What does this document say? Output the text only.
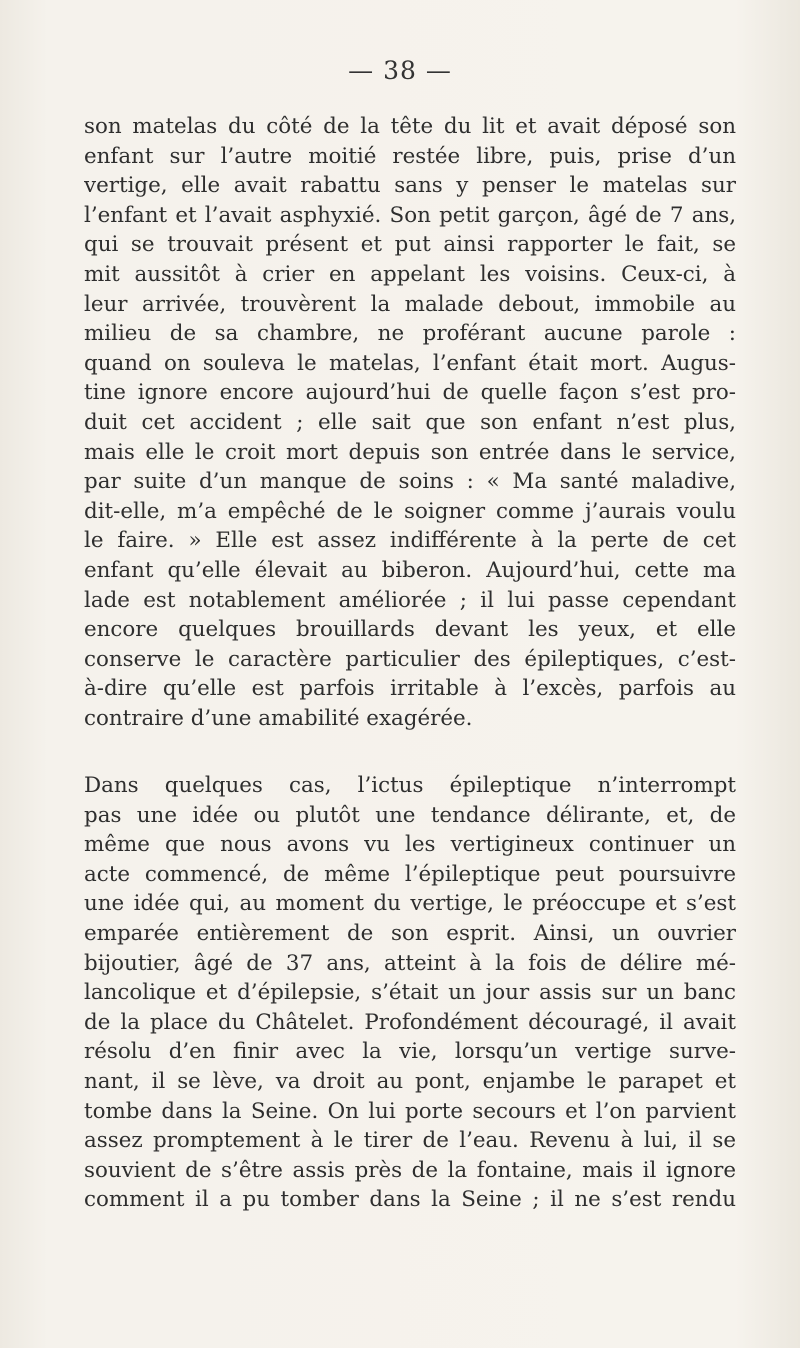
— 38 —
son matelas du côté de la tête du lit et avait déposé son
enfant sur l’autre moitié restée libre, puis, prise d’un
vertige, elle avait rabattu sans y penser le matelas sur
l’enfant et l’avait asphyxié. Son petit garçon, âgé de 7 ans,
qui se trouvait présent et put ainsi rapporter le fait, se
mit aussitôt à crier en appelant les voisins. Ceux-ci, à
leur arrivée, trouvèrent la malade debout, immobile au
milieu de sa chambre, ne proférant aucune parole :
quand on souleva le matelas, l’enfant était mort. Augus-
tine ignore encore aujourd’hui de quelle façon s’est pro-
duit cet accident ; elle sait que son enfant n’est plus,
mais elle le croit mort depuis son entrée dans le service,
par suite d’un manque de soins : « Ma santé maladive,
dit-elle, m’a empêché de le soigner comme j’aurais voulu
le faire. » Elle est assez indifférente à la perte de cet
enfant qu’elle élevait au biberon. Aujourd’hui, cette ma
lade est notablement améliorée ; il lui passe cependant
encore quelques brouillards devant les yeux, et elle
conserve le caractère particulier des épileptiques, c’est-
à-dire qu’elle est parfois irritable à l’excès, parfois au
contraire d’une amabilité exagérée.
Dans quelques cas, l’ictus épileptique n’interrompt
pas une idée ou plutôt une tendance délirante, et, de
même que nous avons vu les vertigineux continuer un
acte commencé, de même l’épileptique peut poursuivre
une idée qui, au moment du vertige, le préoccupe et s’est
emparée entièrement de son esprit. Ainsi, un ouvrier
bijoutier, âgé de 37 ans, atteint à la fois de délire mé-
lancolique et d’épilepsie, s’était un jour assis sur un banc
de la place du Châtelet. Profondément découragé, il avait
résolu d’en finir avec la vie, lorsqu’un vertige surve-
nant, il se lève, va droit au pont, enjambe le parapet et
tombe dans la Seine. On lui porte secours et l’on parvient
assez promptement à le tirer de l’eau. Revenu à lui, il se
souvient de s’être assis près de la fontaine, mais il ignore
comment il a pu tomber dans la Seine ; il ne s’est rendu
